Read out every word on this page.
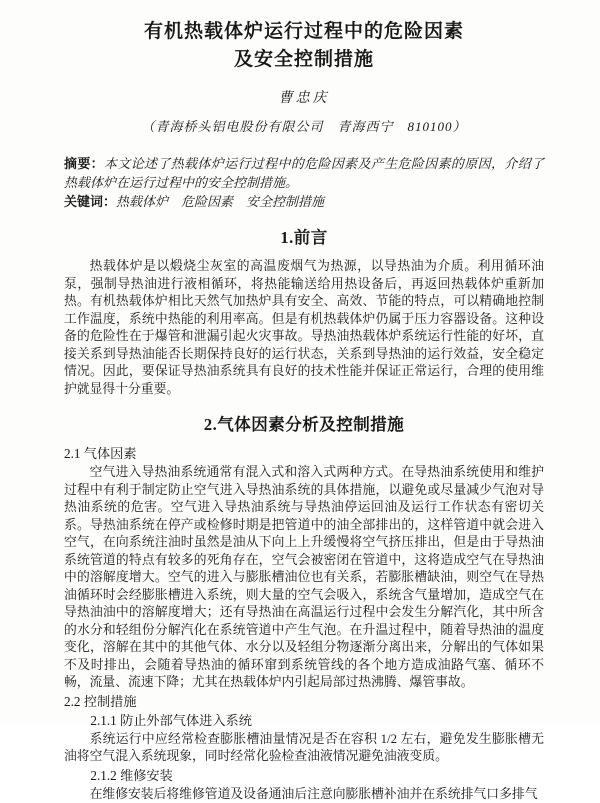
有机热载体炉运行过程中的危险因素
及安全控制措施
曹忠庆
（青海桥头铝电股份有限公司　青海西宁　810100）
摘要：本文论述了热载体炉运行过程中的危险因素及产生危险因素的原因，介绍了热载体炉在运行过程中的安全控制措施。
关键词：热载体炉　危险因素　安全控制措施
1.前言

热载体炉是以煅烧尘灰室的高温废烟气为热源，以导热油为介质。利用循环油泵，强制导热油进行液相循环，将热能输送给用热设备后，再返回热载体炉重新加热。有机热载体炉相比天然气加热炉具有安全、高效、节能的特点，可以精确地控制工作温度，系统中热能的利用率高。但是有机热载体炉仍属于压力容器设备。这种设备的危险性在于爆管和泄漏引起火灾事故。导热油热载体炉系统运行性能的好坏，直接关系到导热油能否长期保持良好的运行状态，关系到导热油的运行效益，安全稳定情况。因此，要保证导热油系统具有良好的技术性能并保证正常运行，合理的使用维护就显得十分重要。

2.气体因素分析及控制措施
2.1 气体因素

空气进入导热油系统通常有混入式和溶入式两种方式。在导热油系统使用和维护过程中有利于制定防止空气进入导热油系统的具体措施，以避免或尽量减少气泡对导热油系统的危害。空气进入导热油系统与导热油停运回油及运行工作状态有密切关系。导热油系统在停产或检修时期是把管道中的油全部排出的，这样管道中就会进入空气，在向系统注油时虽然是油从下向上上升缓慢将空气挤压排出，但是由于导热油系统管道的特点有较多的死角存在，空气会被密闭在管道中，这将造成空气在导热油中的溶解度增大。空气的进入与膨胀槽油位也有关系，若膨胀槽缺油，则空气在导热油循环时会经膨胀槽进入系统，则大量的空气会吸入，系统含气量增加，造成空气在导热油油中的溶解度增大；还有导热油在高温运行过程中会发生分解汽化，其中所含的水分和轻组份分解汽化在系统管道中产生气泡。在升温过程中，随着导热油的温度变化，溶解在其中的其他气体、水分以及轻组分物逐渐分离出来，分解出的气体如果不及时排出，会随着导热油的循环窜到系统管线的各个地方造成油路气塞、循环不畅，流量、流速下降；尤其在热载体炉内引起局部过热沸腾、爆管事故。

2.2 控制措施
2.1.1 防止外部气体进入系统

系统运行中应经常检查膨胀槽油量情况是否在容积 1/2 左右，避免发生膨胀槽无油将空气混入系统现象，同时经常化验检查油液情况避免油液变质。

2.1.2 维修安装

在维修安装后将维修管道及设备通油后注意向膨胀槽补油并在系统排气口多排气
